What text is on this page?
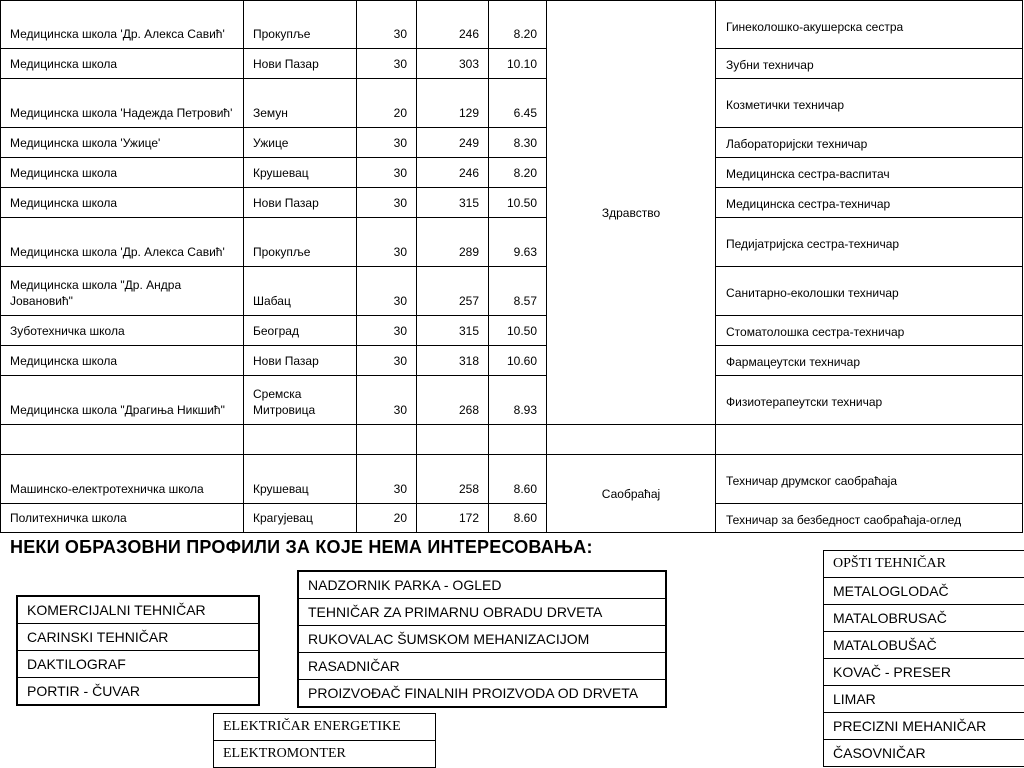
Медицинска школа 'Др. Алекса Савић'	Прокупље	30	246	8.20	Здравство	Гинеколошко-акушерска сестра
Медицинска школа	Нови Пазар	30	303	10.10		Зубни техничар
Медицинска школа 'Надежда Петровић'	Земун	20	129	6.45		Козметички техничар
Медицинска школа 'Ужице'	Ужице	30	249	8.30		Лабораторијски техничар
Медицинска школа	Крушевац	30	246	8.20		Медицинска сестра-васпитач
Медицинска школа	Нови Пазар	30	315	10.50		Медицинска сестра-техничар
Медицинска школа 'Др. Алекса Савић'	Прокупље	30	289	9.63		Педијатријска сестра-техничар
Медицинска школа "Др. Андра Јовановић"	Шабац	30	257	8.57		Санитарно-еколошки техничар
Зуботехничка школа	Београд	30	315	10.50		Стоматолошка сестра-техничар
Медицинска школа	Нови Пазар	30	318	10.60		Фармацеутски техничар
Медицинска школа "Драгиња Никшић"	Сремска Митровица	30	268	8.93		Физиотерапеутски техничар

Машинско-електротехничка школа	Крушевац	30	258	8.60	Саобраћај	Техничар друмског саобраћаја
Политехничка школа	Крагујевац	20	172	8.60		Техничар за безбедност саобраћаја-оглед
НЕКИ ОБРАЗОВНИ ПРОФИЛИ ЗА КОЈЕ НЕМА ИНТЕРЕСОВАЊА:
KOMERCIJALNI TEHNIČAR
CARINSKI TEHNIČAR
DAKTILOGRAF
PORTIR - ČUVAR
NADZORNIK PARKA - OGLED
TEHNIČAR ZA PRIMARNU OBRADU DRVETA
RUKOVALAC ŠUMSKOM MEHANIZACIJOM
RASADNIČAR
PROIZVOĐAČ FINALNIH PROIZVODA OD DRVETA
ELEKTRIČAR ENERGETIKE
ELEKTROMONTER
OPŠTI TEHNIČAR
METALOGLODAČ
MATALOBRUSAČ
MATALOBUŠAČ
KOVAČ - PRESER
LIMAR
PRECIZNI MEHANIČAR
ČASOVNIČAR
